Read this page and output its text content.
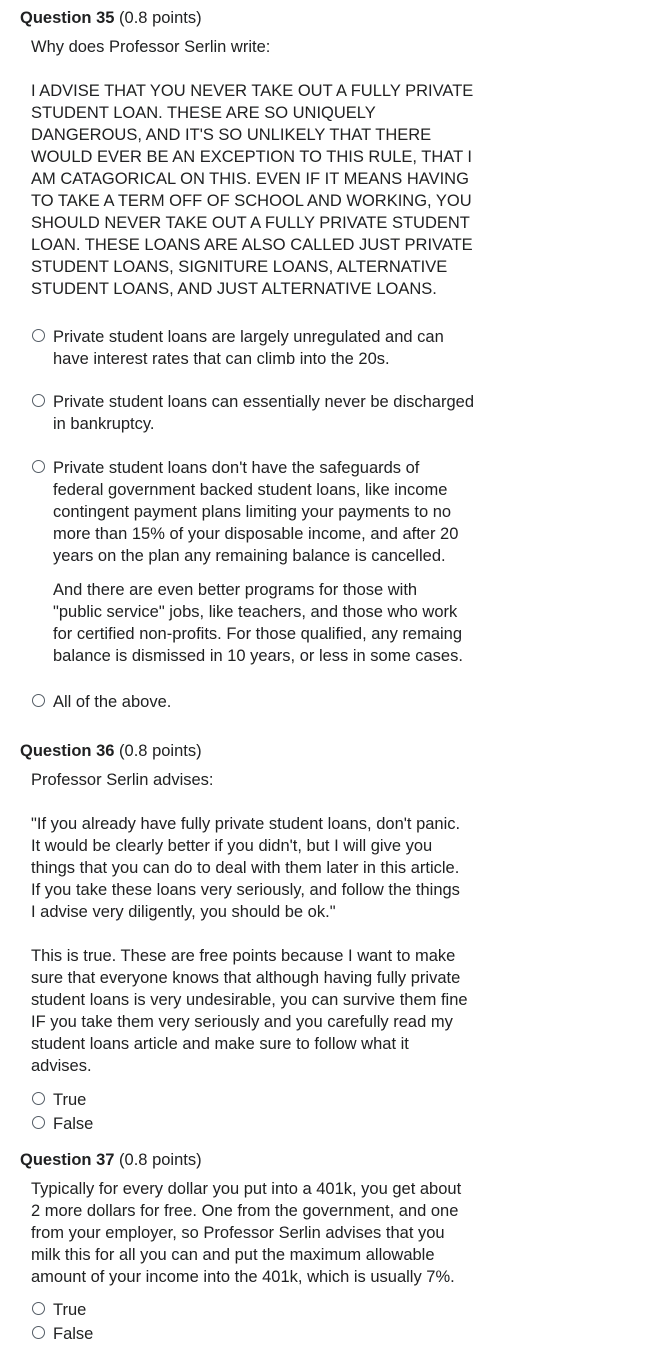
Question 35 (0.8 points)
Why does Professor Serlin write:
I ADVISE THAT YOU NEVER TAKE OUT A FULLY PRIVATE
STUDENT LOAN. THESE ARE SO UNIQUELY
DANGEROUS, AND IT'S SO UNLIKELY THAT THERE
WOULD EVER BE AN EXCEPTION TO THIS RULE, THAT I
AM CATAGORICAL ON THIS. EVEN IF IT MEANS HAVING
TO TAKE A TERM OFF OF SCHOOL AND WORKING, YOU
SHOULD NEVER TAKE OUT A FULLY PRIVATE STUDENT
LOAN. THESE LOANS ARE ALSO CALLED JUST PRIVATE
STUDENT LOANS, SIGNITURE LOANS, ALTERNATIVE
STUDENT LOANS, AND JUST ALTERNATIVE LOANS.
Private student loans are largely unregulated and can
have interest rates that can climb into the 20s.
Private student loans can essentially never be discharged
in bankruptcy.
Private student loans don't have the safeguards of
federal government backed student loans, like income
contingent payment plans limiting your payments to no
more than 15% of your disposable income, and after 20
years on the plan any remaining balance is cancelled.
And there are even better programs for those with
"public service" jobs, like teachers, and those who work
for certified non-profits. For those qualified, any remaing
balance is dismissed in 10 years, or less in some cases.
All of the above.
Question 36 (0.8 points)
Professor Serlin advises:
"If you already have fully private student loans, don't panic.
It would be clearly better if you didn't, but I will give you
things that you can do to deal with them later in this article.
If you take these loans very seriously, and follow the things
I advise very diligently, you should be ok."
This is true. These are free points because I want to make
sure that everyone knows that although having fully private
student loans is very undesirable, you can survive them fine
IF you take them very seriously and you carefully read my
student loans article and make sure to follow what it
advises.
True
False
Question 37 (0.8 points)
Typically for every dollar you put into a 401k, you get about
2 more dollars for free. One from the government, and one
from your employer, so Professor Serlin advises that you
milk this for all you can and put the maximum allowable
amount of your income into the 401k, which is usually 7%.
True
False
